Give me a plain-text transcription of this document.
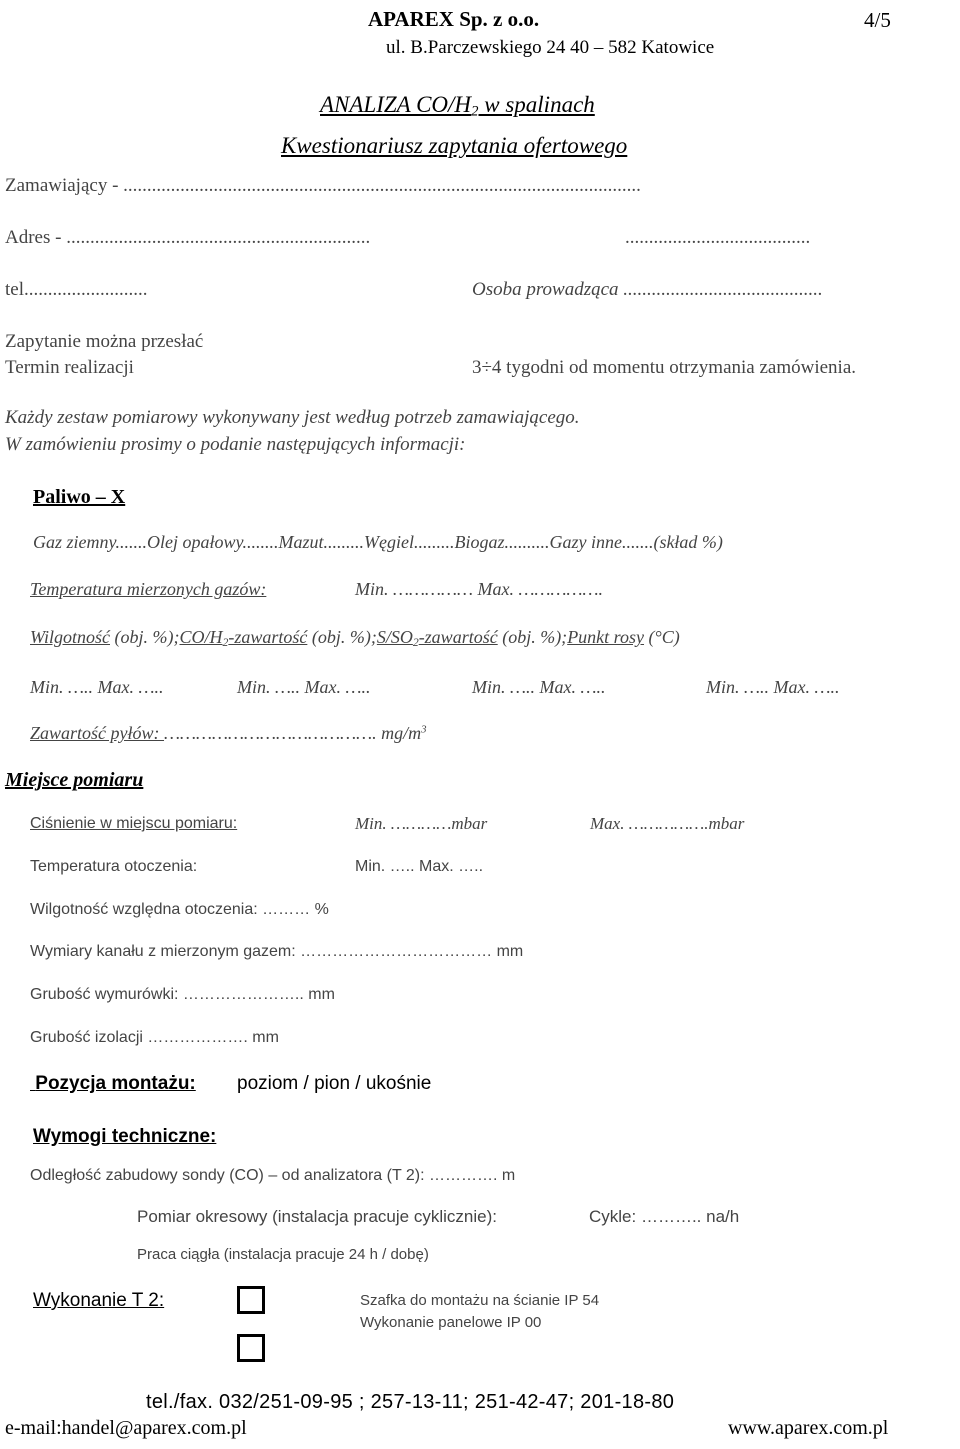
APAREX Sp. z o.o.	4/5
ul. B.Parczewskiego 24 40 – 582 Katowice
ANALIZA $CO/H_2$ w spalinach
Kwestionariusz zapytania ofertowego
Zamawiający - .............................................................................................................
Adres - ................................................................	.......................................
tel..........................	Osoba prowadząca ..........................................
Zapytanie można przesłać
Termin realizacji	3÷4 tygodni od momentu otrzymania zamówienia.
Każdy zestaw pomiarowy wykonywany jest według potrzeb zamawiającego.
W zamówieniu prosimy o podanie następujących informacji:
Paliwo – X
Gaz ziemny.......Olej opałowy........Mazut.........Węgiel.........Biogaz..........Gazy inne.......(skład %)
Temperatura mierzonych gazów:	Min. …………… Max. …………….
Wilgotność (obj. $\%);CO/H_2$-zawartość (obj. $\%);S/SO_2$-zawartość (obj. %);Punkt rosy (°C)
Min. ….. Max. …..	Min. ….. Max. …..	Min. ….. Max. …..	Min. ….. Max. …..
Zawartość pyłów: …………………………………. $mg/m^3$
Miejsce pomiaru
Ciśnienie w miejscu pomiaru:	Min. …………mbar	Max. …………….mbar
Temperatura otoczenia:	Min. ….. Max. …..
Wilgotność względna otoczenia: ……… %
Wymiary kanału z mierzonym gazem: ……………………………… mm
Grubość wymurówki: ………………….. mm
Grubość izolacji ………………. mm
Pozycja montażu: poziom / pion / ukośnie
Wymogi techniczne:
Odległość zabudowy sondy (CO) – od analizatora (T 2): …………. m
Pomiar okresowy (instalacja pracuje cyklicznie):	Cykle: ……….. na/h
Praca ciągła (instalacja pracuje 24 h / dobę)
Wykonanie T 2:	Szafka do montażu na ścianie IP 54
Wykonanie panelowe IP 00
tel./fax. 032/251-09-95 ; 257-13-11; 251-42-47; 201-18-80
e-mail:handel@aparex.com.pl	www.aparex.com.pl
